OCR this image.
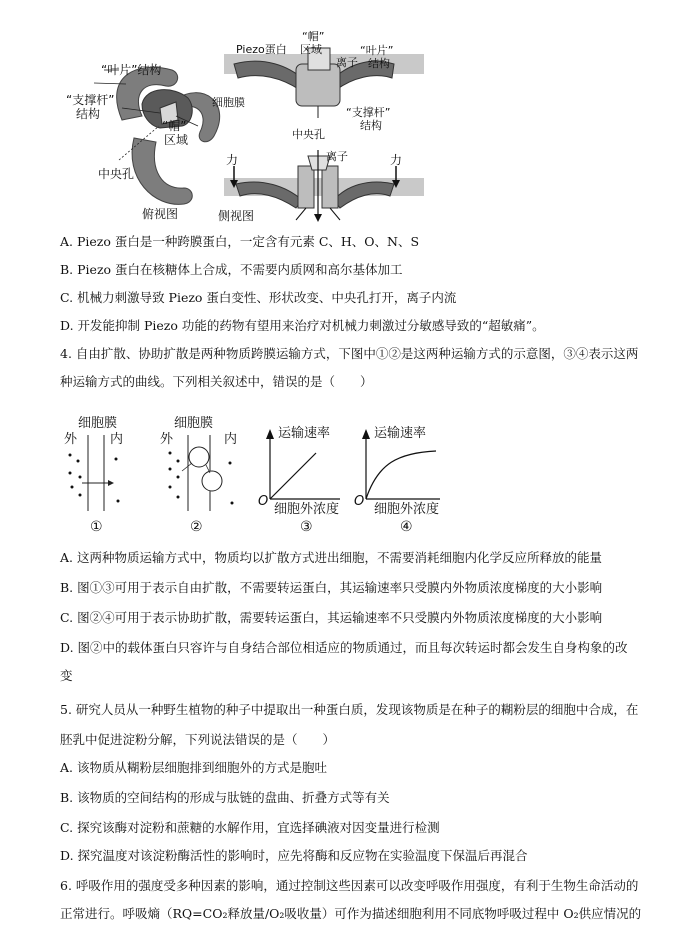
“叶片”结构
“支撑杆”
结构
“帽”
区域
中央孔
俯视图
“帽”
区域
Piezo蛋白	“叶片”
结构
离子
细胞膜
“支撑杆”
结构
中央孔
离子
力	力
侧视图
A. Piezo 蛋白是一种跨膜蛋白，一定含有元素 C、H、O、N、S
B. Piezo 蛋白在核糖体上合成，不需要内质网和高尔基体加工
C. 机械力刺激导致 Piezo 蛋白变性、形状改变、中央孔打开，离子内流
D. 开发能抑制 Piezo 功能的药物有望用来治疗对机械力刺激过分敏感导致的“超敏痛”。
4. 自由扩散、协助扩散是两种物质跨膜运输方式，下图中①②是这两种运输方式的示意图，③④表示这两
种运输方式的曲线。下列相关叙述中，错误的是（　　）
细胞膜
外	内
①
细胞膜
外	内
②
运输速率
O
细胞外浓度
③
运输速率
O
细胞外浓度
④
A. 这两种物质运输方式中，物质均以扩散方式进出细胞，不需要消耗细胞内化学反应所释放的能量
B. 图①③可用于表示自由扩散，不需要转运蛋白，其运输速率只受膜内外物质浓度梯度的大小影响
C. 图②④可用于表示协助扩散，需要转运蛋白，其运输速率不只受膜内外物质浓度梯度的大小影响
D. 图②中的载体蛋白只容许与自身结合部位相适应的物质通过，而且每次转运时都会发生自身构象的改
变
5. 研究人员从一种野生植物的种子中提取出一种蛋白质，发现该物质是在种子的糊粉层的细胞中合成，在
胚乳中促进淀粉分解，下列说法错误的是（　　）
A. 该物质从糊粉层细胞排到细胞外的方式是胞吐
B. 该物质的空间结构的形成与肽链的盘曲、折叠方式等有关
C. 探究该酶对淀粉和蔗糖的水解作用，宜选择碘液对因变量进行检测
D. 探究温度对该淀粉酶活性的影响时，应先将酶和反应物在实验温度下保温后再混合
6. 呼吸作用的强度受多种因素的影响，通过控制这些因素可以改变呼吸作用强度，有利于生物生命活动的
正常进行。呼吸熵（RQ=CO₂释放量/O₂吸收量）可作为描述细胞利用不同底物呼吸过程中 O₂供应情况的
